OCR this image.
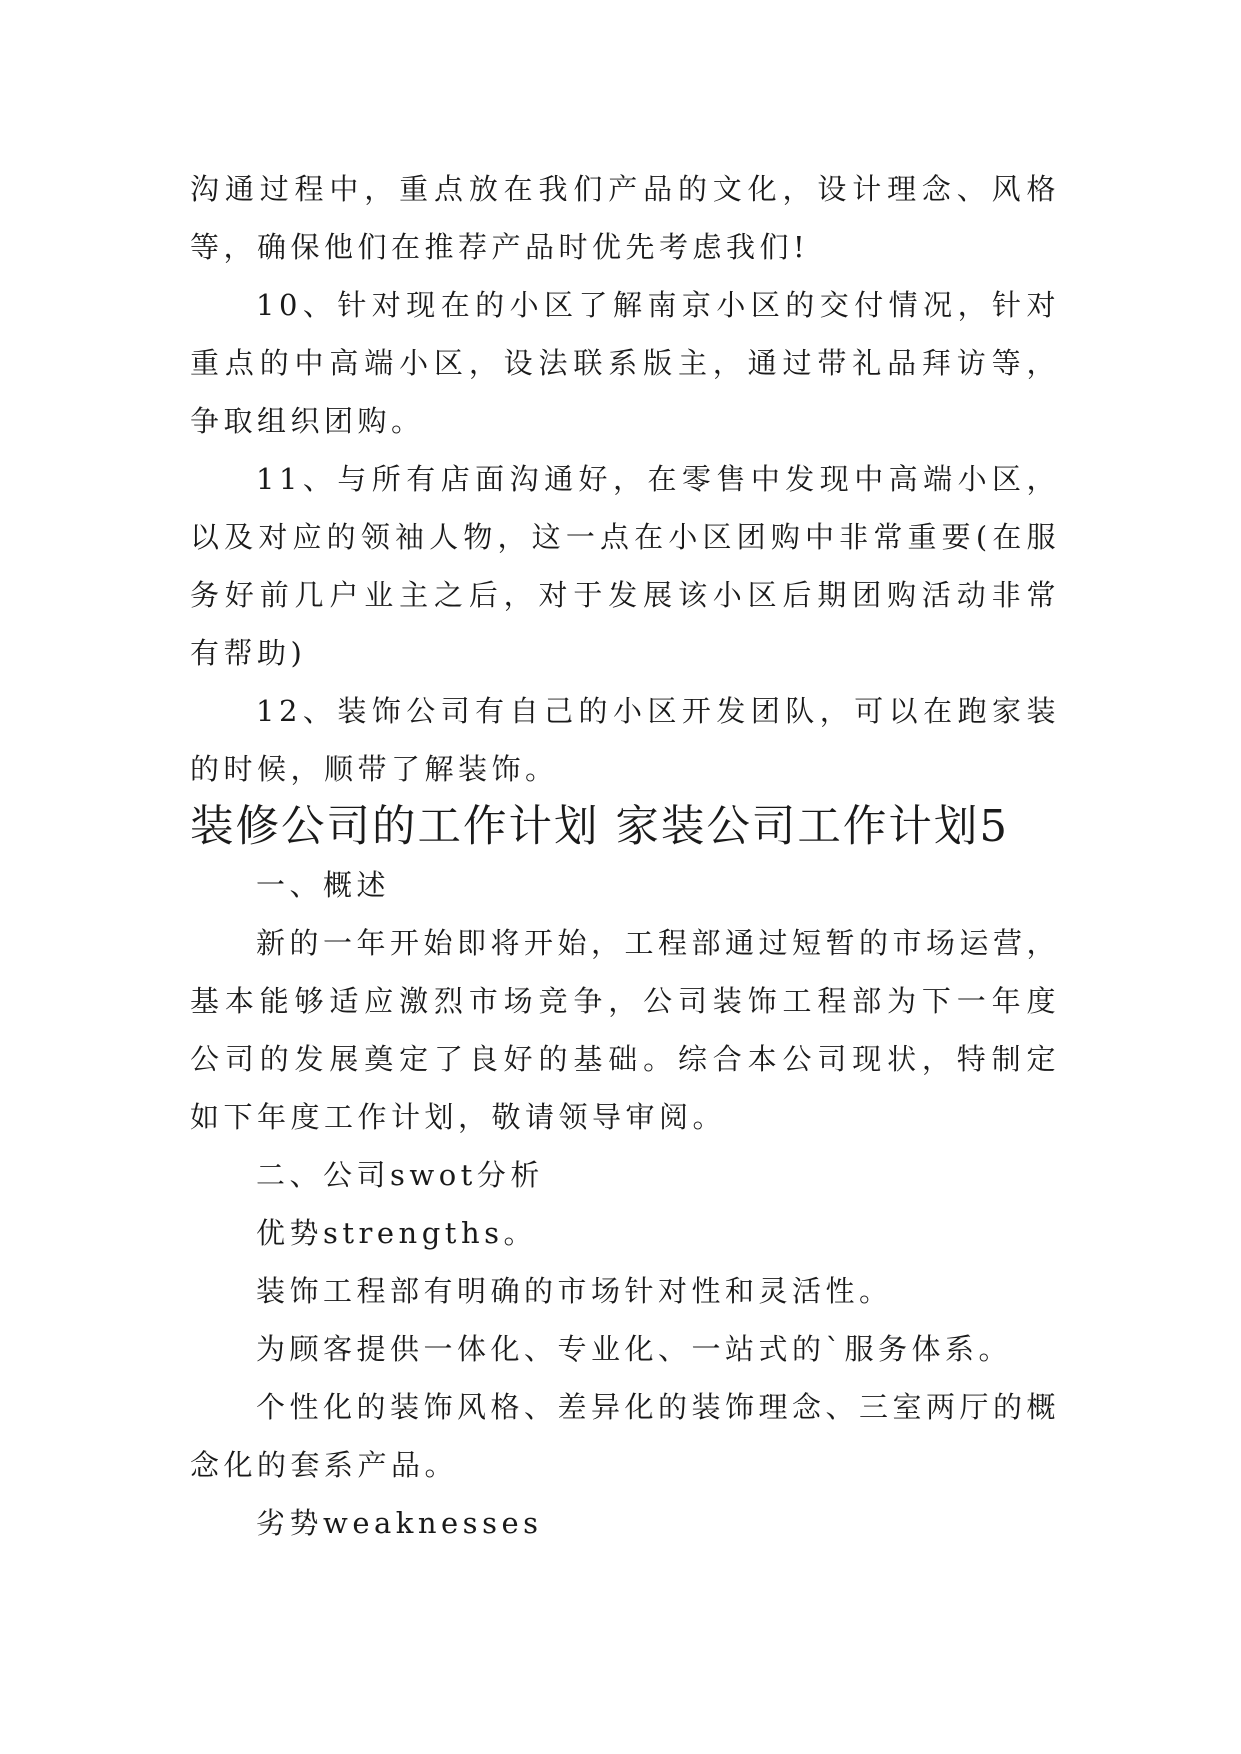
沟通过程中，重点放在我们产品的文化，设计理念、风格等，确保他们在推荐产品时优先考虑我们!

10、针对现在的小区了解南京小区的交付情况，针对重点的中高端小区，设法联系版主，通过带礼品拜访等，争取组织团购。

11、与所有店面沟通好，在零售中发现中高端小区，以及对应的领袖人物，这一点在小区团购中非常重要(在服务好前几户业主之后，对于发展该小区后期团购活动非常有帮助)

12、装饰公司有自己的小区开发团队，可以在跑家装的时候，顺带了解装饰。

装修公司的工作计划 家装公司工作计划5

一、概述

新的一年开始即将开始，工程部通过短暂的市场运营，基本能够适应激烈市场竞争，公司装饰工程部为下一年度公司的发展奠定了良好的基础。综合本公司现状，特制定如下年度工作计划，敬请领导审阅。

二、公司swot分析

优势strengths。

装饰工程部有明确的市场针对性和灵活性。

为顾客提供一体化、专业化、一站式的`服务体系。

个性化的装饰风格、差异化的装饰理念、三室两厅的概念化的套系产品。

劣势weaknesses
